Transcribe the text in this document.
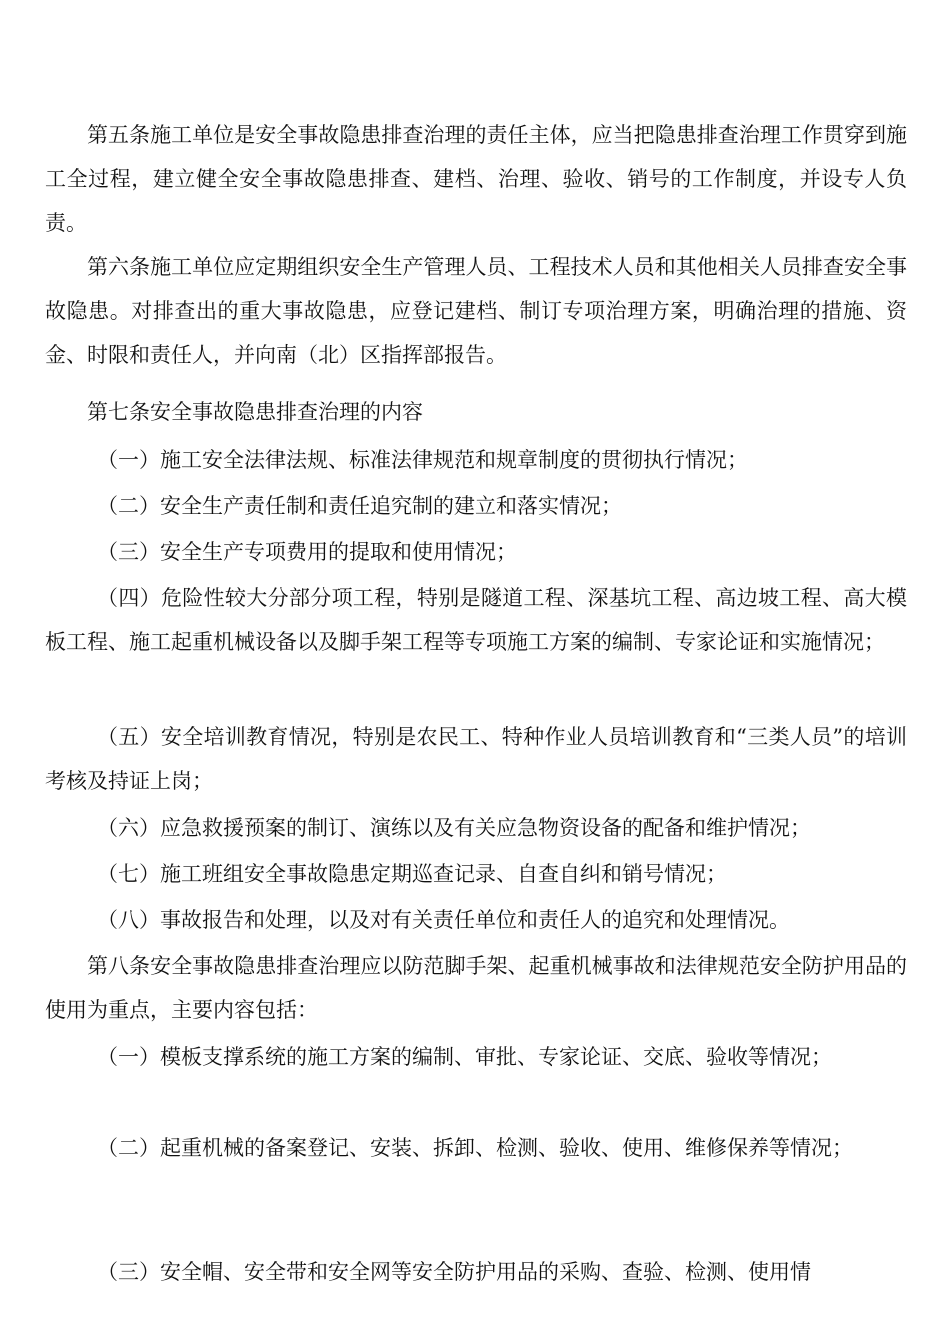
第五条施工单位是安全事故隐患排查治理的责任主体，应当把隐患排查治理工作贯穿到施工全过程，建立健全安全事故隐患排查、建档、治理、验收、销号的工作制度，并设专人负责。

第六条施工单位应定期组织安全生产管理人员、工程技术人员和其他相关人员排查安全事故隐患。对排查出的重大事故隐患，应登记建档、制订专项治理方案，明确治理的措施、资金、时限和责任人，并向南（北）区指挥部报告。

第七条安全事故隐患排查治理的内容

（一）施工安全法律法规、标准法律规范和规章制度的贯彻执行情况；

（二）安全生产责任制和责任追究制的建立和落实情况；

（三）安全生产专项费用的提取和使用情况；

（四）危险性较大分部分项工程，特别是隧道工程、深基坑工程、高边坡工程、高大模板工程、施工起重机械设备以及脚手架工程等专项施工方案的编制、专家论证和实施情况；

（五）安全培训教育情况，特别是农民工、特种作业人员培训教育和“三类人员”的培训考核及持证上岗；

（六）应急救援预案的制订、演练以及有关应急物资设备的配备和维护情况；

（七）施工班组安全事故隐患定期巡查记录、自查自纠和销号情况；

（八）事故报告和处理，以及对有关责任单位和责任人的追究和处理情况。

第八条安全事故隐患排查治理应以防范脚手架、起重机械事故和法律规范安全防护用品的使用为重点，主要内容包括：

（一）模板支撑系统的施工方案的编制、审批、专家论证、交底、验收等情况；

（二）起重机械的备案登记、安装、拆卸、检测、验收、使用、维修保养等情况；

（三）安全帽、安全带和安全网等安全防护用品的采购、查验、检测、使用情
